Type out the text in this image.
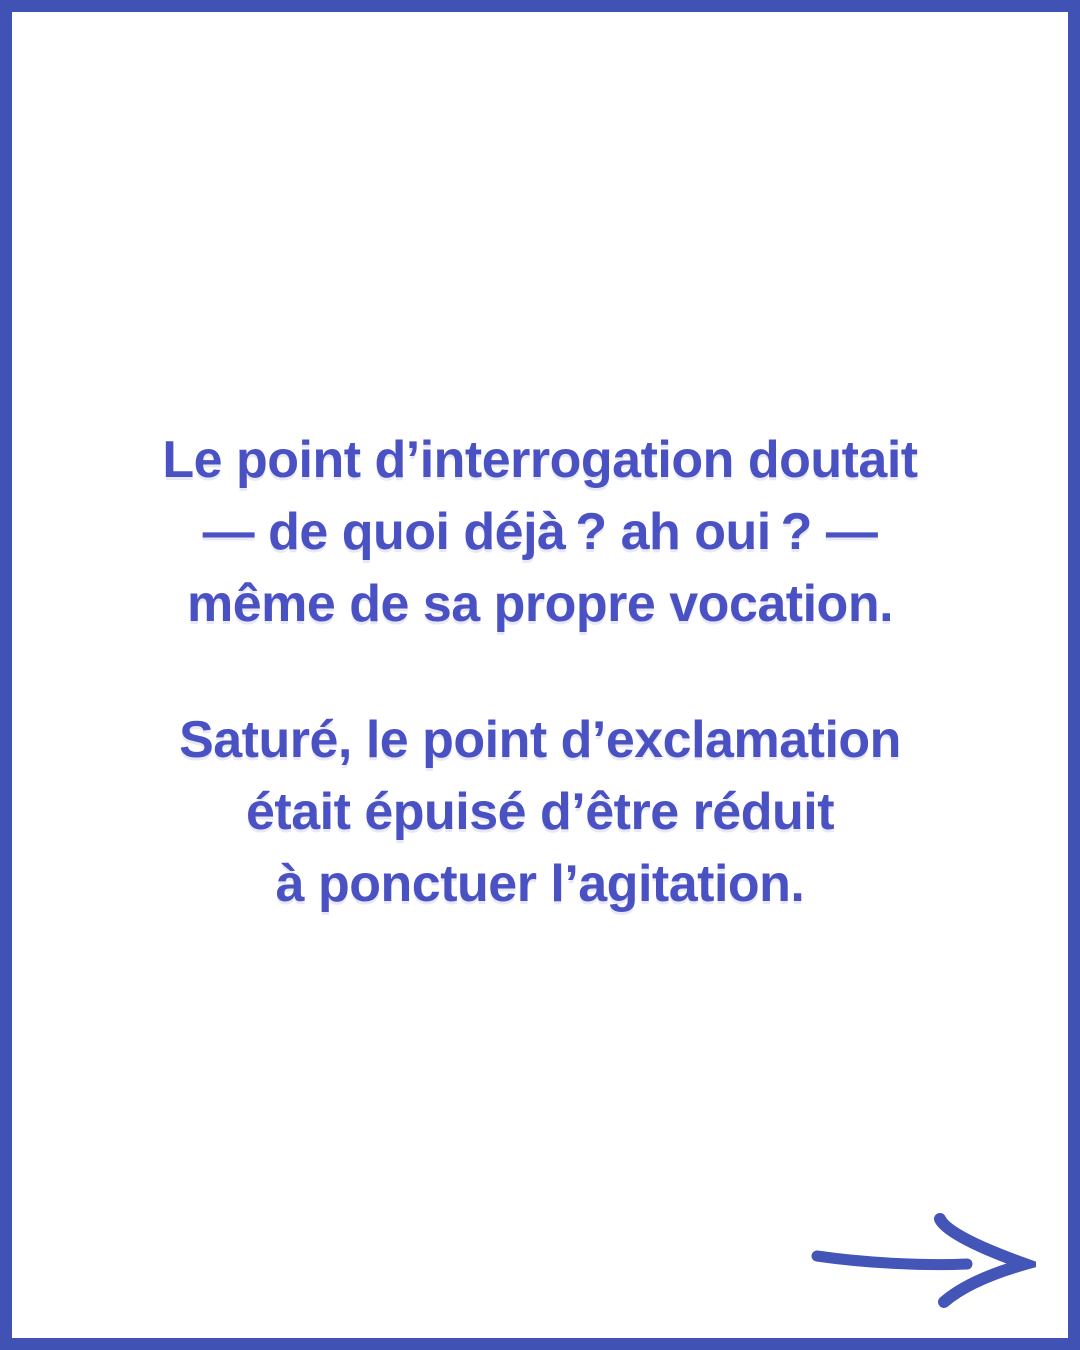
Le point d’interrogation doutait
— de quoi déjà ? ah oui ? —
même de sa propre vocation.

Saturé, le point d’exclamation
était épuisé d’être réduit
à ponctuer l’agitation.
